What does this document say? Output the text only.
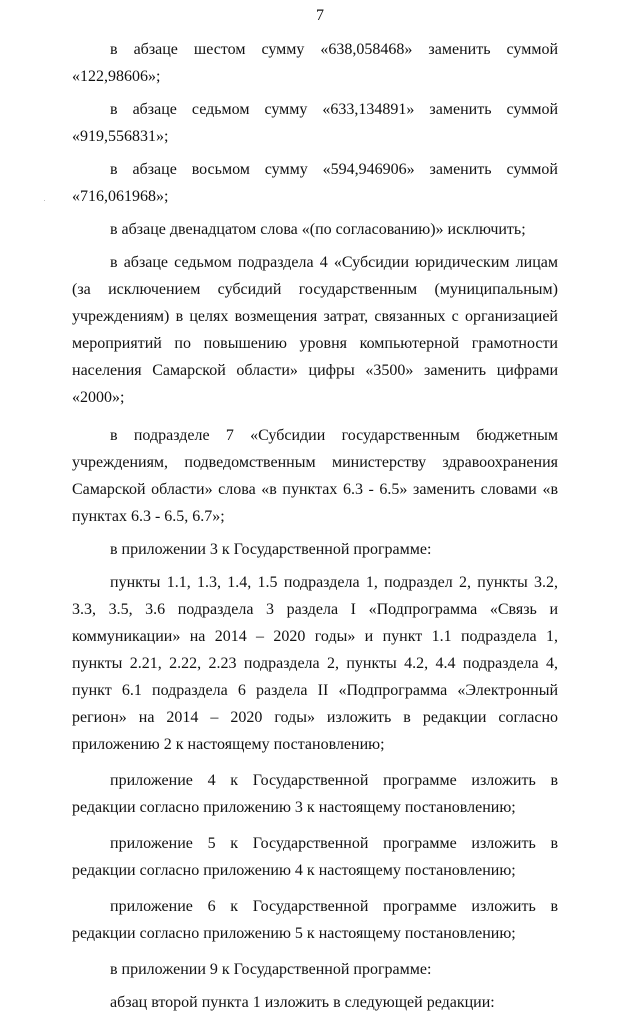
7

в абзаце шестом сумму «638,058468» заменить суммой «122,98606»;

в абзаце седьмом сумму «633,134891» заменить суммой «919,556831»;

в абзаце восьмом сумму «594,946906» заменить суммой «716,061968»;

в абзаце двенадцатом слова «(по согласованию)» исключить;

в абзаце седьмом подраздела 4 «Субсидии юридическим лицам (за исключением субсидий государственным (муниципальным) учреждениям) в целях возмещения затрат, связанных с организацией мероприятий по повышению уровня компьютерной грамотности населения Самарской области» цифры «3500» заменить цифрами «2000»;

в подразделе 7 «Субсидии государственным бюджетным учреждениям, подведомственным министерству здравоохранения Самарской области» слова «в пунктах 6.3 - 6.5» заменить словами «в пунктах 6.3 - 6.5, 6.7»;

в приложении 3 к Государственной программе:

пункты 1.1, 1.3, 1.4, 1.5 подраздела 1, подраздел 2, пункты 3.2, 3.3, 3.5, 3.6 подраздела 3 раздела I «Подпрограмма «Связь и коммуникации» на 2014 – 2020 годы» и пункт 1.1 подраздела 1, пункты 2.21, 2.22, 2.23 подраздела 2, пункты 4.2, 4.4 подраздела 4, пункт 6.1 подраздела 6 раздела II «Подпрограмма «Электронный регион» на 2014 – 2020 годы» изложить в редакции согласно приложению 2 к настоящему постановлению;

приложение 4 к Государственной программе изложить в редакции согласно приложению 3 к настоящему постановлению;

приложение 5 к Государственной программе изложить в редакции согласно приложению 4 к настоящему постановлению;

приложение 6 к Государственной программе изложить в редакции согласно приложению 5 к настоящему постановлению;

в приложении 9 к Государственной программе:

абзац второй пункта 1 изложить в следующей редакции:
